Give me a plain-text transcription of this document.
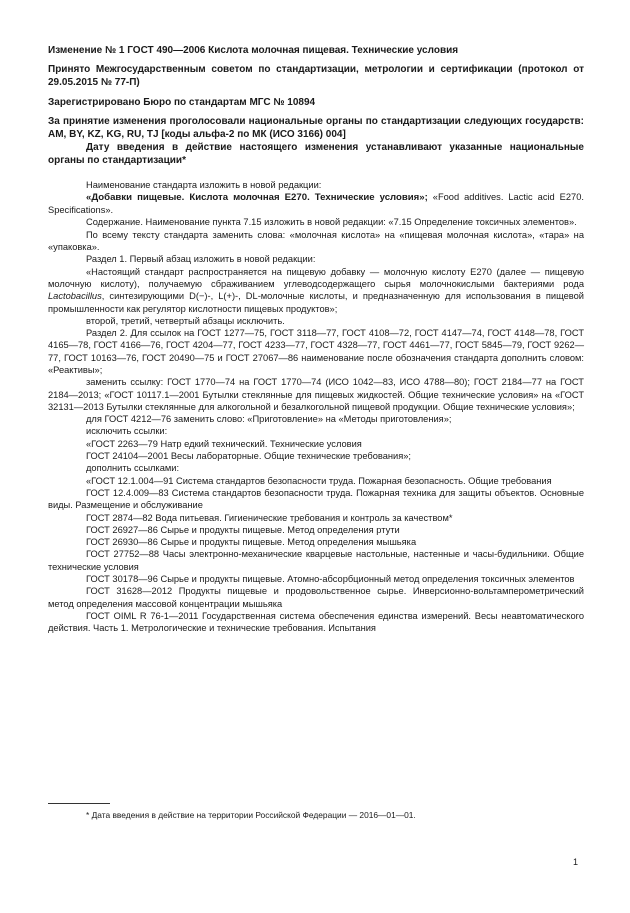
Изменение № 1 ГОСТ 490—2006 Кислота молочная пищевая. Технические условия

Принято Межгосударственным советом по стандартизации, метрологии и сертификации (протокол от 29.05.2015 № 77-П)

Зарегистрировано Бюро по стандартам МГС № 10894

За принятие изменения проголосовали национальные органы по стандартизации следующих государств: AM, BY, KZ, KG, RU, TJ [коды альфа-2 по МК (ИСО 3166) 004]

Дату введения в действие настоящего изменения устанавливают указанные национальные органы по стандартизации*

Наименование стандарта изложить в новой редакции:

«Добавки пищевые. Кислота молочная Е270. Технические условия»; «Food additives. Lactic acid E270. Specifications».

Содержание. Наименование пункта 7.15 изложить в новой редакции: «7.15 Определение токсичных элементов».

По всему тексту стандарта заменить слова: «молочная кислота» на «пищевая молочная кислота», «тара» на «упаковка».

Раздел 1. Первый абзац изложить в новой редакции:

«Настоящий стандарт распространяется на пищевую добавку — молочную кислоту Е270 (далее — пищевую молочную кислоту), получаемую сбраживанием углеводсодержащего сырья молочнокислыми бактериями рода Lactobacillus, синтезирующими D(−)-, L(+)-, DL-молочные кислоты, и предназначенную для использования в пищевой промышленности как регулятор кислотности пищевых продуктов»;

второй, третий, четвертый абзацы исключить.

Раздел 2. Для ссылок на ГОСТ 1277—75, ГОСТ 3118—77, ГОСТ 4108—72, ГОСТ 4147—74, ГОСТ 4148—78, ГОСТ 4165—78, ГОСТ 4166—76, ГОСТ 4204—77, ГОСТ 4233—77, ГОСТ 4328—77, ГОСТ 4461—77, ГОСТ 5845—79, ГОСТ 9262—77, ГОСТ 10163—76, ГОСТ 20490—75 и ГОСТ 27067—86 наименование после обозначения стандарта дополнить словом: «Реактивы»;

заменить ссылку: ГОСТ 1770—74 на ГОСТ 1770—74 (ИСО 1042—83, ИСО 4788—80); ГОСТ 2184—77 на ГОСТ 2184—2013; «ГОСТ 10117.1—2001 Бутылки стеклянные для пищевых жидкостей. Общие технические условия» на «ГОСТ 32131—2013 Бутылки стеклянные для алкогольной и безалкогольной пищевой продукции. Общие технические условия»;

для ГОСТ 4212—76 заменить слово: «Приготовление» на «Методы приготовления»;

исключить ссылки:

«ГОСТ 2263—79 Натр едкий технический. Технические условия

ГОСТ 24104—2001 Весы лабораторные. Общие технические требования»;

дополнить ссылками:

«ГОСТ 12.1.004—91 Система стандартов безопасности труда. Пожарная безопасность. Общие требования

ГОСТ 12.4.009—83 Система стандартов безопасности труда. Пожарная техника для защиты объектов. Основные виды. Размещение и обслуживание

ГОСТ 2874—82 Вода питьевая. Гигиенические требования и контроль за качеством*

ГОСТ 26927—86 Сырье и продукты пищевые. Метод определения ртути

ГОСТ 26930—86 Сырье и продукты пищевые. Метод определения мышьяка

ГОСТ 27752—88 Часы электронно-механические кварцевые настольные, настенные и часы-будильники. Общие технические условия

ГОСТ 30178—96 Сырье и продукты пищевые. Атомно-абсорбционный метод определения токсичных элементов

ГОСТ 31628—2012 Продукты пищевые и продовольственное сырье. Инверсионно-вольтамперометрический метод определения массовой концентрации мышьяка

ГОСТ OIML R 76-1—2011 Государственная система обеспечения единства измерений. Весы неавтоматического действия. Часть 1. Метрологические и технические требования. Испытания

* Дата введения в действие на территории Российской Федерации — 2016—01—01.

1
